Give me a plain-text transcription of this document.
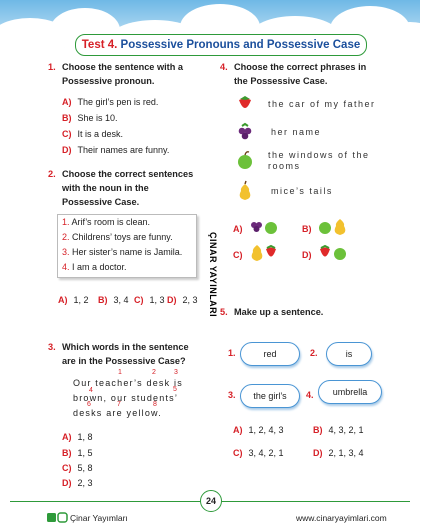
Test 4. Possessive Pronouns and Possessive Case
1. Choose the sentence with a Possessive pronoun.
A) The girl’s pen is red.
B) She is 10.
C) It is a desk.
D) Their names are funny.
2. Choose the correct sentences with the noun in the Possessive Case.
1. Arif’s room is clean.
2. Childrens’ toys are funny.
3. Her sister’s name is Jamila.
4. I am a doctor.
A) 1, 2 B) 3, 4 C) 1, 3 D) 2, 3 ÇINAR YAYINLARI
3. Which words in the sentence are in the Possessive Case?
1	2	3
4	5
6	7	8
Our teacher’s desk is
brown, our students’
desks are yellow.
A) 1, 8
B) 1, 5
C) 5, 8
D) 2, 3
4. Choose the correct phrases in the Possessive Case.
the car of my father
her name
the windows of the rooms
mice’s tails
A)	B)
C)	D)
5. Make up a sentence.
1.	red	2.	is
3.	the girl’s	4.	umbrella
A) 1, 2, 4, 3	B) 4, 3, 2, 1
C) 3, 4, 2, 1	D) 2, 1, 3, 4
24
Çinar Yayımları	www.cinaryayimlari.com
